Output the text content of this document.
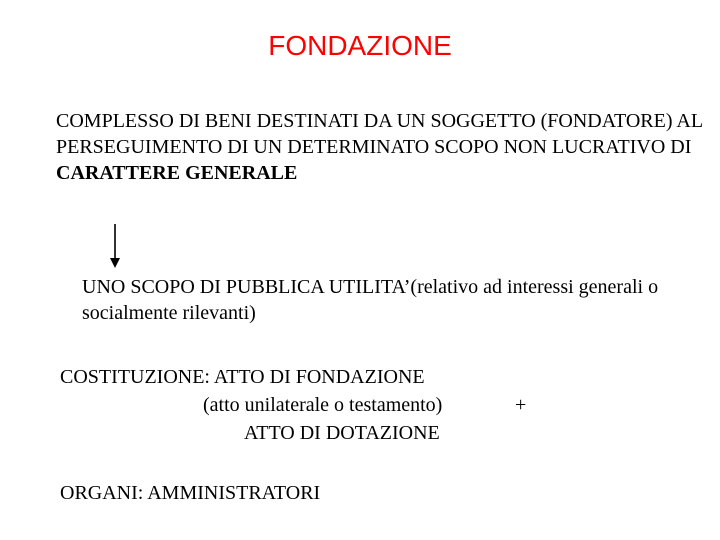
FONDAZIONE

COMPLESSO DI BENI DESTINATI DA UN SOGGETTO (FONDATORE) AL PERSEGUIMENTO DI UN DETERMINATO SCOPO NON LUCRATIVO DI CARATTERE GENERALE

UNO SCOPO DI PUBBLICA UTILITA’(relativo ad interessi generali o socialmente rilevanti)

COSTITUZIONE: ATTO DI FONDAZIONE
(atto unilaterale o testamento)	+
ATTO DI DOTAZIONE
ORGANI: AMMINISTRATORI
